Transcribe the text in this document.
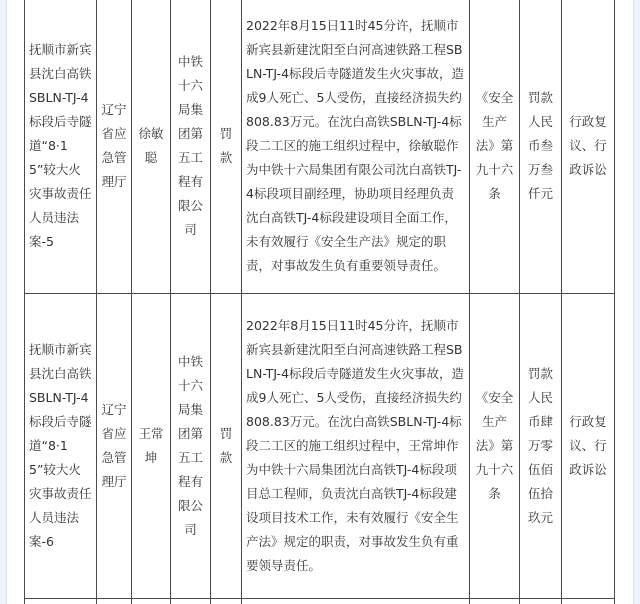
抚顺市新宾县沈白高铁SBLN-TJ-4标段后寺隧道“8·15”较大火灾事故责任人员违法案-5	辽宁省应急管理厅	徐敏聪	中铁十六局集团第五工程有限公司	罚款	2022年8月15日11时45分许，抚顺市新宾县新建沈阳至白河高速铁路工程SBLN-TJ-4标段后寺隧道发生火灾事故，造成9人死亡、5人受伤，直接经济损失约808.83万元。在沈白高铁SBLN-TJ-4标段二工区的施工组织过程中，徐敏聪作为中铁十六局集团有限公司沈白高铁TJ-4标段项目副经理，协助项目经理负责沈白高铁TJ-4标段建设项目全面工作，未有效履行《安全生产法》规定的职责，对事故发生负有重要领导责任。	《安全生产法》第九十六条	罚款人民币叁万叁仟元	行政复议、行政诉讼
抚顺市新宾县沈白高铁SBLN-TJ-4标段后寺隧道“8·15”较大火灾事故责任人员违法案-6	辽宁省应急管理厅	王常坤	中铁十六局集团第五工程有限公司	罚款	2022年8月15日11时45分许，抚顺市新宾县新建沈阳至白河高速铁路工程SBLN-TJ-4标段后寺隧道发生火灾事故，造成9人死亡、5人受伤，直接经济损失约808.83万元。在沈白高铁SBLN-TJ-4标段二工区的施工组织过程中，王常坤作为中铁十六局集团沈白高铁TJ-4标段项目总工程师，负责沈白高铁TJ-4标段建设项目技术工作，未有效履行《安全生产法》规定的职责，对事故发生负有重要领导责任。	《安全生产法》第九十六条	罚款人民币肆万零伍佰伍拾玖元	行政复议、行政诉讼
